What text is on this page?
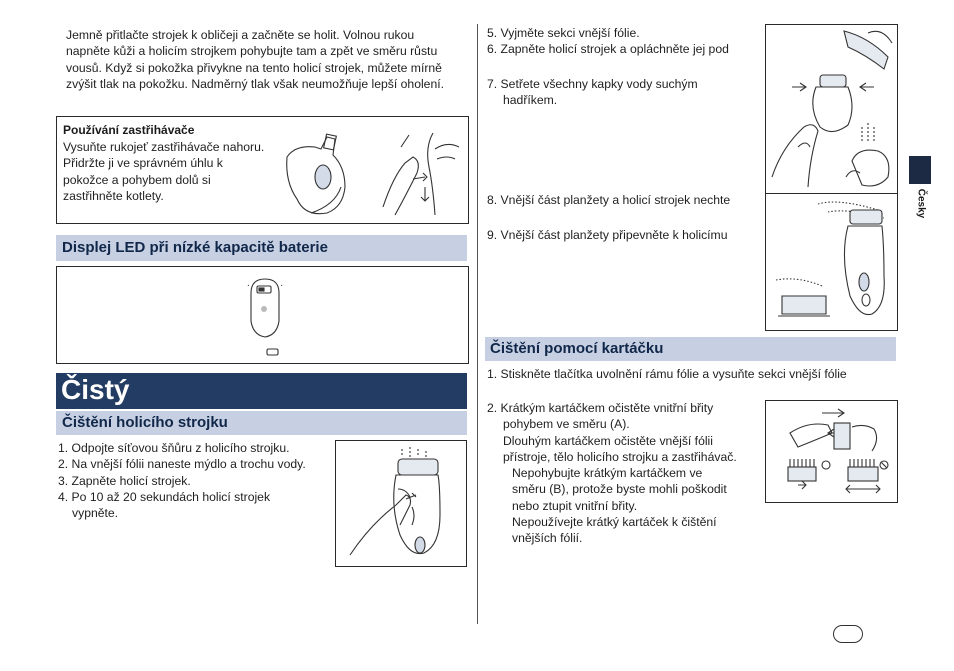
Jemně přitlačte strojek k obličeji a začněte se holit. Volnou rukou napněte kůži a holicím strojkem pohybujte tam a zpět ve směru růstu vousů. Když si pokožka přivykne na tento holicí strojek, můžete mírně zvýšit tlak na pokožku. Nadměrný tlak však neumožňuje lepší oholení.
Používání zastřihávače
Vysuňte rukojeť zastřihávače nahoru. Přidržte ji ve správném úhlu k pokožce a pohybem dolů si zastřihněte kotlety.
Displej LED při nízké kapacitě baterie
Čistý
Čištění holicího strojku
1. Odpojte síťovou šňůru z holicího strojku.
2. Na vnější fólii naneste mýdlo a trochu vody.
3. Zapněte holicí strojek.
4. Po 10 až 20 sekundách holicí strojek
vypněte.
5. Vyjměte sekci vnější fólie.
6. Zapněte holicí strojek a opláchněte jej pod
7. Setřete všechny kapky vody suchým
hadříkem.
8. Vnější část planžety a holicí strojek nechte
9. Vnější část planžety připevněte k holicímu
Čištění pomocí kartáčku
1. Stiskněte tlačítka uvolnění rámu fólie a vysuňte sekci vnější fólie
2. Krátkým kartáčkem očistěte vnitřní břity
pohybem ve směru (A).
Dlouhým kartáčkem očistěte vnější fólii
přístroje, tělo holicího strojku a zastřihávač.
Nepohybujte krátkým kartáčkem ve
směru (B), protože byste mohli poškodit
nebo ztupit vnitřní břity.
Nepoužívejte krátký kartáček k čištění
vnějších fólií.
Česky
